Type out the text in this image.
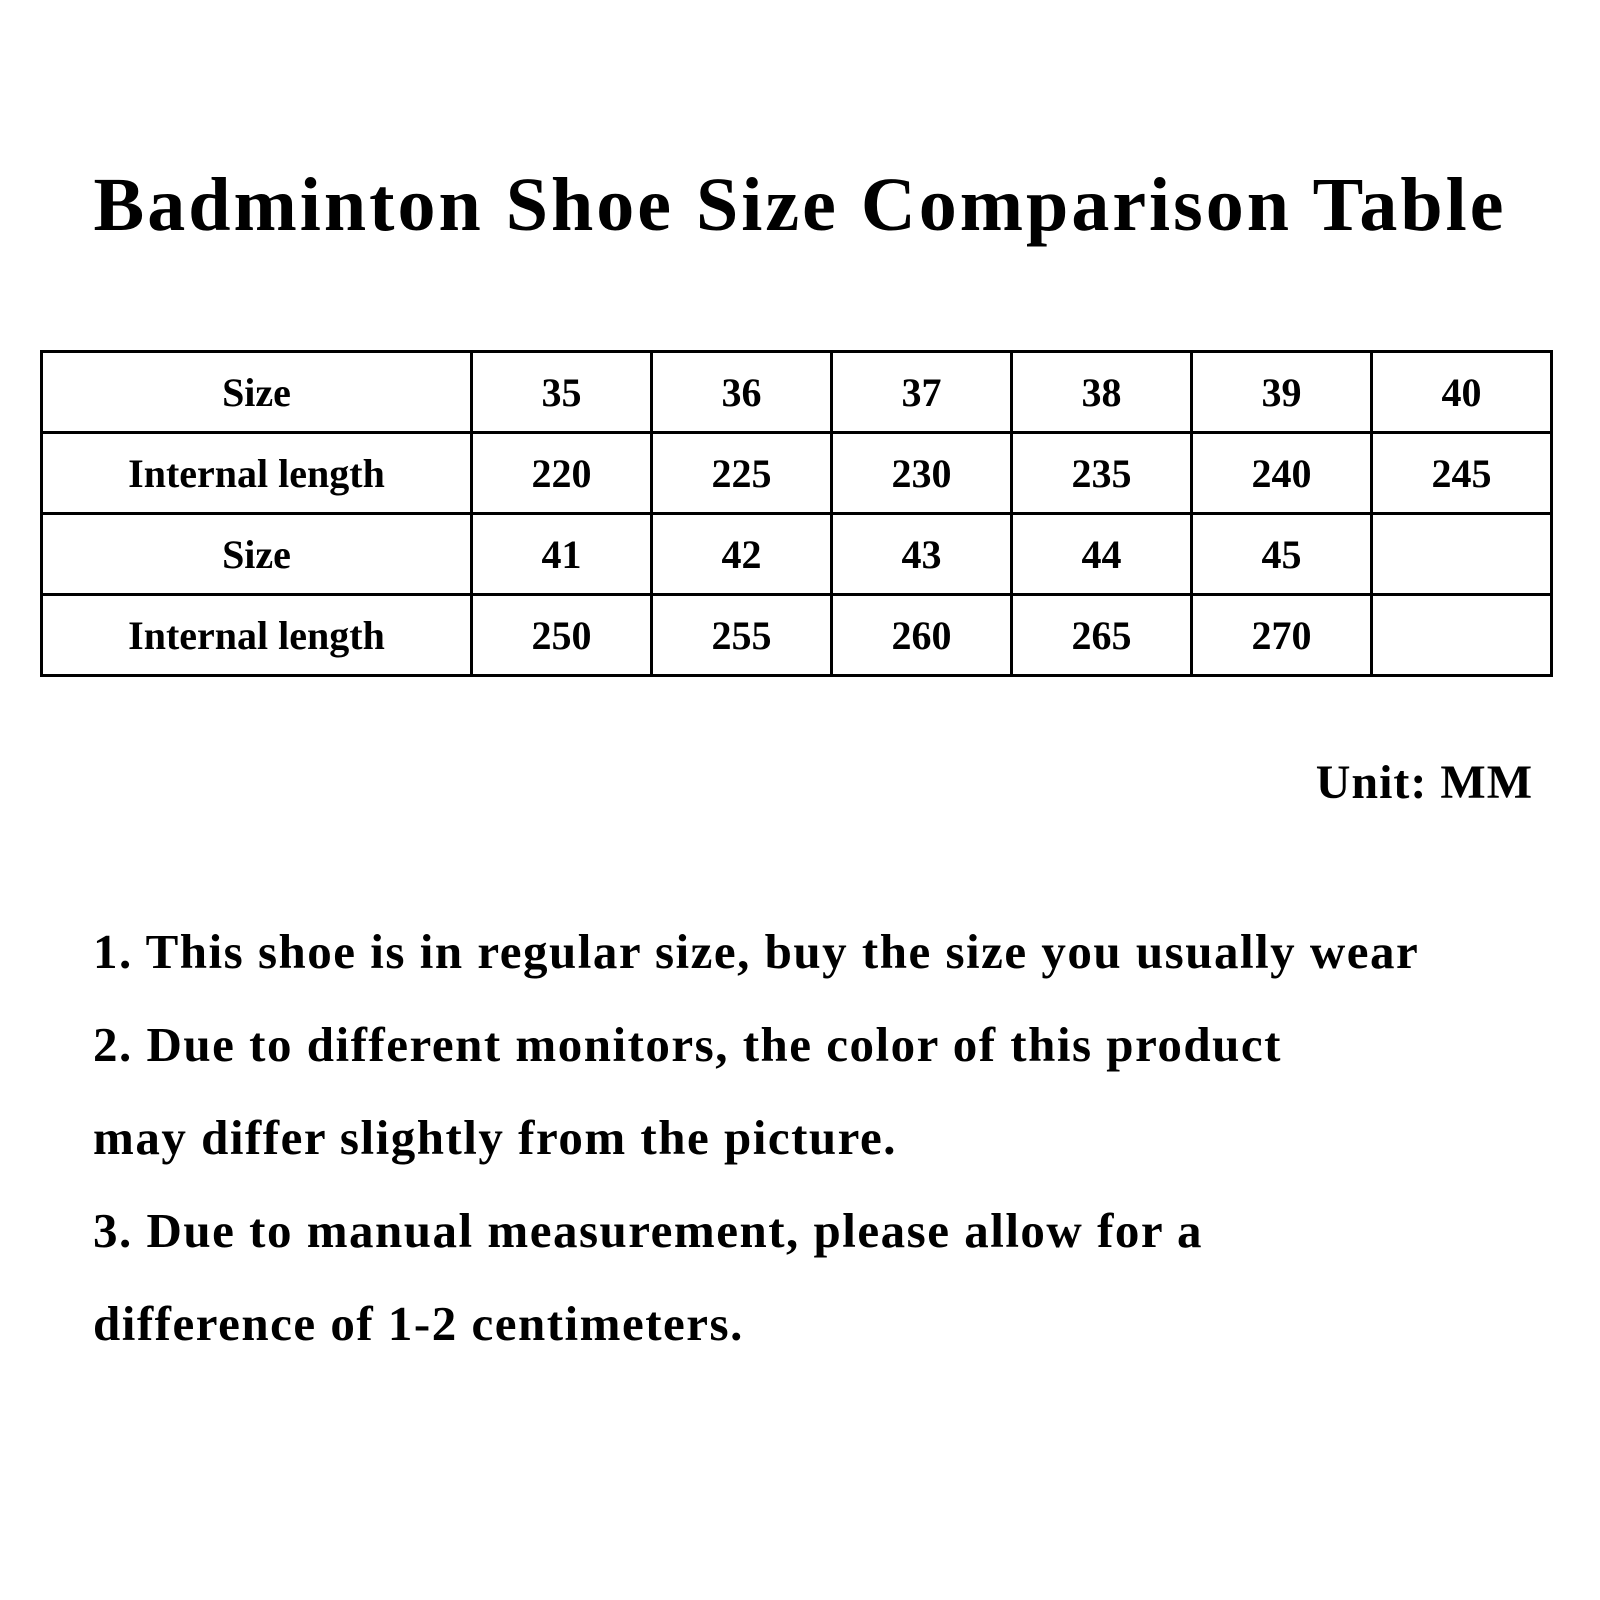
Badminton Shoe Size Comparison Table
Size	35	36	37	38	39	40
Internal length	220	225	230	235	240	245
Size	41	42	43	44	45	
Internal length	250	255	260	265	270	
Unit: MM
1. This shoe is in regular size, buy the size you usually wear
2. Due to different monitors, the color of this product
may differ slightly from the picture.
3. Due to manual measurement, please allow for a
difference of 1-2 centimeters.
